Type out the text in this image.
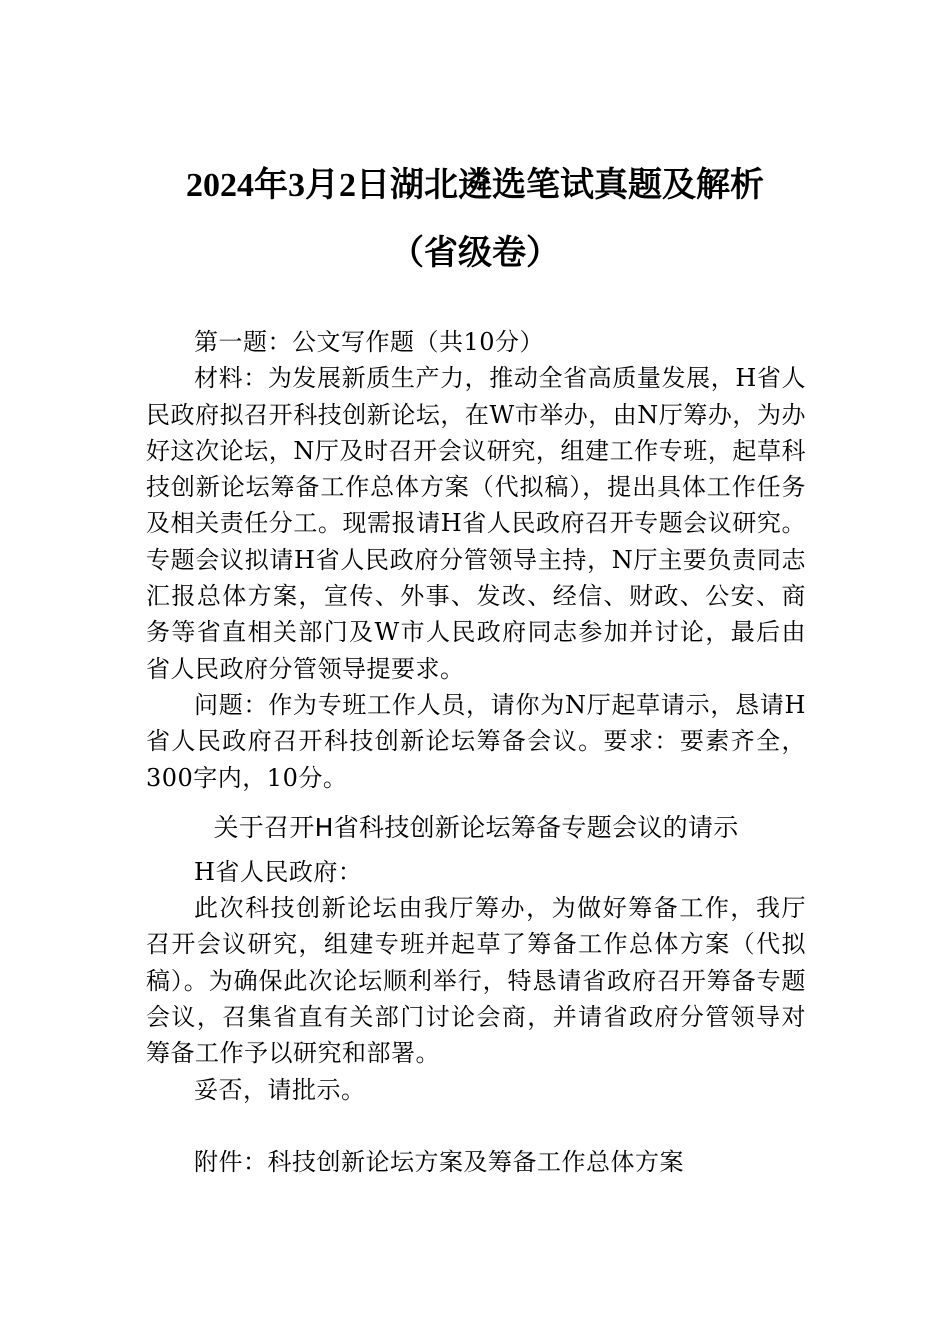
2024年3月2日湖北遴选笔试真题及解析
（省级卷）

第一题：公文写作题（共10分）

材料：为发展新质生产力，推动全省高质量发展，H省人民政府拟召开科技创新论坛，在W市举办，由N厅筹办，为办好这次论坛，N厅及时召开会议研究，组建工作专班，起草科技创新论坛筹备工作总体方案（代拟稿），提出具体工作任务及相关责任分工。现需报请H省人民政府召开专题会议研究。专题会议拟请H省人民政府分管领导主持，N厅主要负责同志汇报总体方案，宣传、外事、发改、经信、财政、公安、商务等省直相关部门及W市人民政府同志参加并讨论，最后由省人民政府分管领导提要求。

问题：作为专班工作人员，请你为N厅起草请示，恳请H省人民政府召开科技创新论坛筹备会议。要求：要素齐全，300字内，10分。

关于召开H省科技创新论坛筹备专题会议的请示

H省人民政府：

此次科技创新论坛由我厅筹办，为做好筹备工作，我厅召开会议研究，组建专班并起草了筹备工作总体方案（代拟稿）。为确保此次论坛顺利举行，特恳请省政府召开筹备专题会议，召集省直有关部门讨论会商，并请省政府分管领导对筹备工作予以研究和部署。

妥否，请批示。

附件：科技创新论坛方案及筹备工作总体方案
